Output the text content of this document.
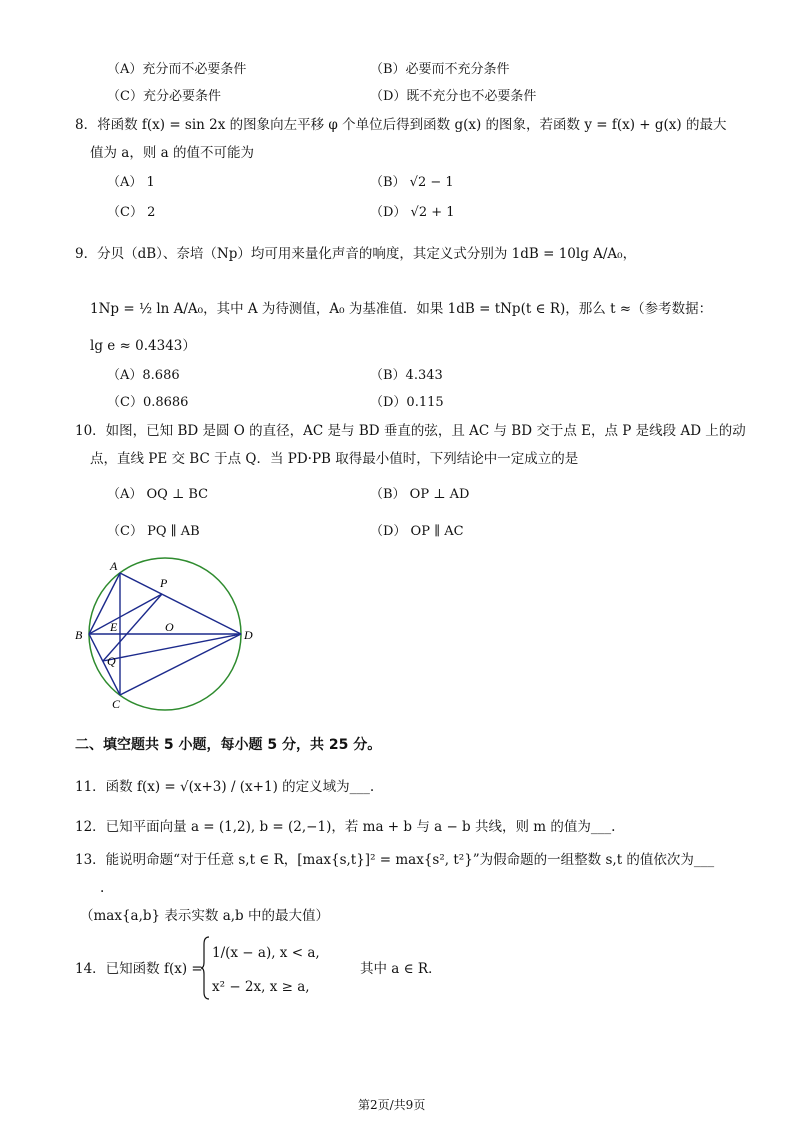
（A）充分而不必要条件	（B）必要而不充分条件
（C）充分必要条件	（D）既不充分也不必要条件
8．将函数 f(x) = sin 2x 的图象向左平移 φ 个单位后得到函数 g(x) 的图象，若函数 y = f(x) + g(x) 的最大
值为 a，则 a 的值不可能为
（A） 1	（B） √2 − 1
（C） 2	（D） √2 + 1
9．分贝（dB）、奈培（Np）均可用来量化声音的响度，其定义式分别为 1dB = 10lg A/A₀，
1Np = ½ ln A/A₀，其中 A 为待测值，A₀ 为基准值．如果 1dB = tNp(t ∈ R)，那么 t ≈（参考数据：
lg e ≈ 0.4343）
（A）8.686	（B）4.343
（C）0.8686	（D）0.115
10．如图，已知 BD 是圆 O 的直径，AC 是与 BD 垂直的弦，且 AC 与 BD 交于点 E，点 P 是线段 AD 上的动
点，直线 PE 交 BC 于点 Q．当 PD·PB 取得最小值时，下列结论中一定成立的是
（A） OQ ⊥ BC	（B） OP ⊥ AD
（C） PQ ∥ AB	（D） OP ∥ AC
A
P
B
E	O
D
Q
C
二、填空题共 5 小题，每小题 5 分，共 25 分。
11．函数 f(x) = √(x+3) / (x+1) 的定义域为___.
12．已知平面向量 a = (1,2), b = (2,−1)，若 ma + b 与 a − b 共线，则 m 的值为___.
13．能说明命题“对于任意 s,t ∈ R，[max{s,t}]² = max{s², t²}”为假命题的一组整数 s,t 的值依次为___
.
（max{a,b} 表示实数 a,b 中的最大值）
14．已知函数 f(x) =
1/(x − a), x < a,
x² − 2x, x ≥ a,
其中 a ∈ R．
第2页/共9页
